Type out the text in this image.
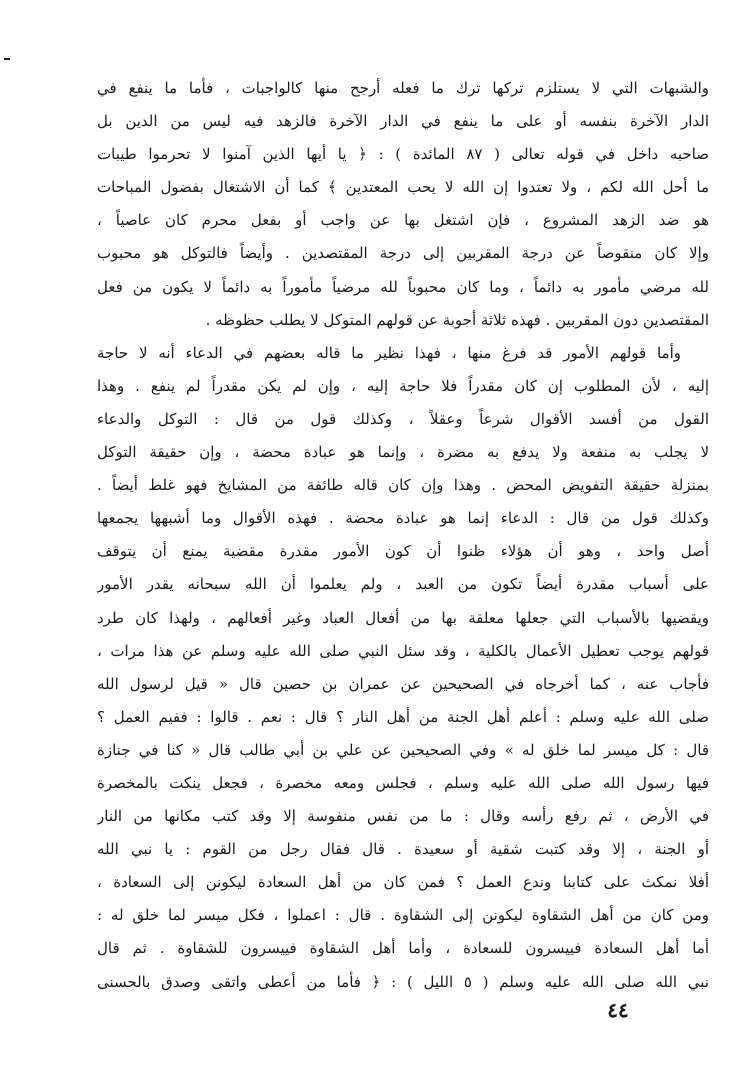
والشبهات التي لا يستلزم تركها ترك ما فعله أرجح منها كالواجبات ، فأما ما ينفع في
الدار الآخرة بنفسه أو على ما ينفع في الدار الآخرة فالزهد فيه ليس من الدين بل
صاحبه داخل في قوله تعالى ( ٨٧ المائدة ) : ﴿ يا أيها الذين آمنوا لا تحرموا طيبات
ما أحل الله لكم ، ولا تعتدوا إن الله لا يحب المعتدين ﴾ كما أن الاشتغال بفضول المباحات
هو ضد الزهد المشروع ، فإن اشتغل بها عن واجب أو بفعل محرم كان عاصياً ،
وإلا كان منقوصاً عن درجة المقربين إلى درجة المقتصدين . وأيضاً فالتوكل هو محبوب
لله مرضي مأمور به دائماً ، وما كان محبوباً لله مرضياً مأموراً به دائماً لا يكون من فعل
المقتصدين دون المقربين . فهذه ثلاثة أجوبة عن قولهم المتوكل لا يطلب حظوظه .
وأما قولهم الأمور قد فرغ منها ، فهذا نظير ما قاله بعضهم في الدعاء أنه لا حاجة
إليه ، لأن المطلوب إن كان مقدراً فلا حاجة إليه ، وإن لم يكن مقدراً لم ينفع . وهذا
القول من أفسد الأقوال شرعاً وعقلاً ، وكذلك قول من قال : التوكل والدعاء
لا يجلب به منفعة ولا يدفع به مضرة ، وإنما هو عبادة محضة ، وإن حقيقة التوكل
بمنزلة حقيقة التفويض المحض . وهذا وإن كان قاله طائفة من المشايخ فهو غلط أيضاً .
وكذلك قول من قال : الدعاء إنما هو عبادة محضة . فهذه الأقوال وما أشبهها يجمعها
أصل واحد ، وهو أن هؤلاء ظنوا أن كون الأمور مقدرة مقضية يمنع أن يتوقف
على أسباب مقدرة أيضاً تكون من العبد ، ولم يعلموا أن الله سبحانه يقدر الأمور
ويقضيها بالأسباب التي جعلها معلقة بها من أفعال العباد وغير أفعالهم ، ولهذا كان طرد
قولهم يوجب تعطيل الأعمال بالكلية ، وقد سئل النبي صلى الله عليه وسلم عن هذا مرات ،
فأجاب عنه ، كما أخرجاه في الصحيحين عن عمران بن حصين قال « قيل لرسول الله
صلى الله عليه وسلم : أعلم أهل الجنة من أهل النار ؟ قال : نعم . قالوا : ففيم العمل ؟
قال : كل ميسر لما خلق له » وفي الصحيحين عن علي بن أبي طالب قال « كنا في جنازة
فيها رسول الله صلى الله عليه وسلم ، فجلس ومعه مخصرة ، فجعل ينكت بالمخصرة
في الأرض ، ثم رفع رأسه وقال : ما من نفس منفوسة إلا وقد كتب مكانها من النار
أو الجنة ، إلا وقد كتبت شقية أو سعيدة . قال فقال رجل من القوم : يا نبي الله
أفلا نمكث على كتابنا وندع العمل ؟ فمن كان من أهل السعادة ليكونن إلى السعادة ،
ومن كان من أهل الشقاوة ليكونن إلى الشقاوة . قال : اعملوا ، فكل ميسر لما خلق له :
أما أهل السعادة فييسرون للسعادة ، وأما أهل الشقاوة فييسرون للشقاوة . ثم قال
نبي الله صلى الله عليه وسلم ( ٥ الليل ) : ﴿ فأما من أعطى واتقى وصدق بالحسنى
٤٤
